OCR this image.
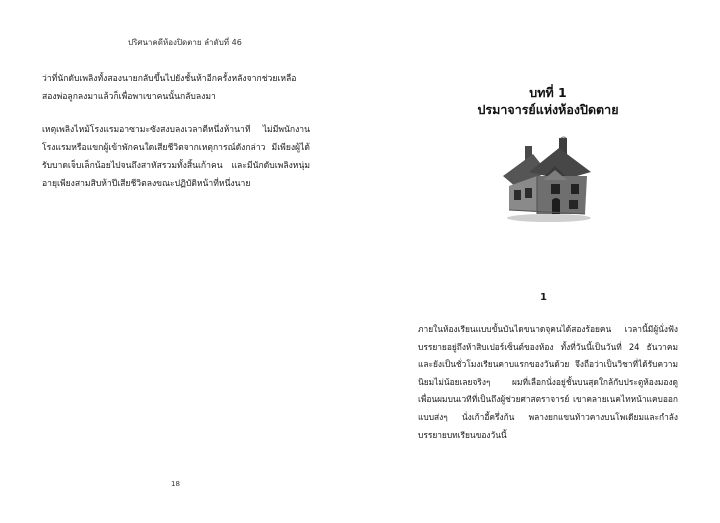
ปริศนาคดีห้องปิดตาย ลำดับที่ 46

ว่าที่นักดับเพลิงทั้งสองนายกลับขึ้นไปยังชั้นห้าอีกครั้งหลังจากช่วยเหลือสองพ่อลูกลงมาแล้วก็เพื่อพาเขาคนนั้นกลับลงมา

เหตุเพลิงไหม้โรงแรมอาซามะซังสงบลงเวลาตีหนึ่งห้านาที ไม่มีพนักงานโรงแรมหรือแขกผู้เข้าพักคนใดเสียชีวิตจากเหตุการณ์ดังกล่าว มีเพียงผู้ได้รับบาดเจ็บเล็กน้อยไปจนถึงสาหัสรวมทั้งสิ้นเก้าคน และมีนักดับเพลิงหนุ่มอายุเพียงสามสิบห้าปีเสียชีวิตลงขณะปฏิบัติหน้าที่หนึ่งนาย

18
บทที่ 1
ปรมาจารย์แห่งห้องปิดตาย
1

ภายในห้องเรียนแบบขั้นบันไดขนาดจุคนได้สองร้อยคน เวลานี้มีผู้นั่งฟังบรรยายอยู่ถึงห้าสิบเปอร์เซ็นต์ของห้อง ทั้งที่วันนี้เป็นวันที่ 24 ธันวาคมและยังเป็นชั่วโมงเรียนคาบแรกของวันด้วย จึงถือว่าเป็นวิชาที่ได้รับความนิยมไม่น้อยเลยจริงๆ ผมที่เลือกนั่งอยู่ชั้นบนสุดใกล้กับประตูห้องมองดูเพื่อนผมบนเวทีที่เป็นถึงผู้ช่วยศาสตราจารย์ เขาคลายเนคไทหน้าแคบออกแบบส่งๆ นั่งเก้าอี้ครึ่งก้น พลางยกแขนท้าวคางบนโพเดียมและกำลังบรรยายบทเรียนของวันนี้
